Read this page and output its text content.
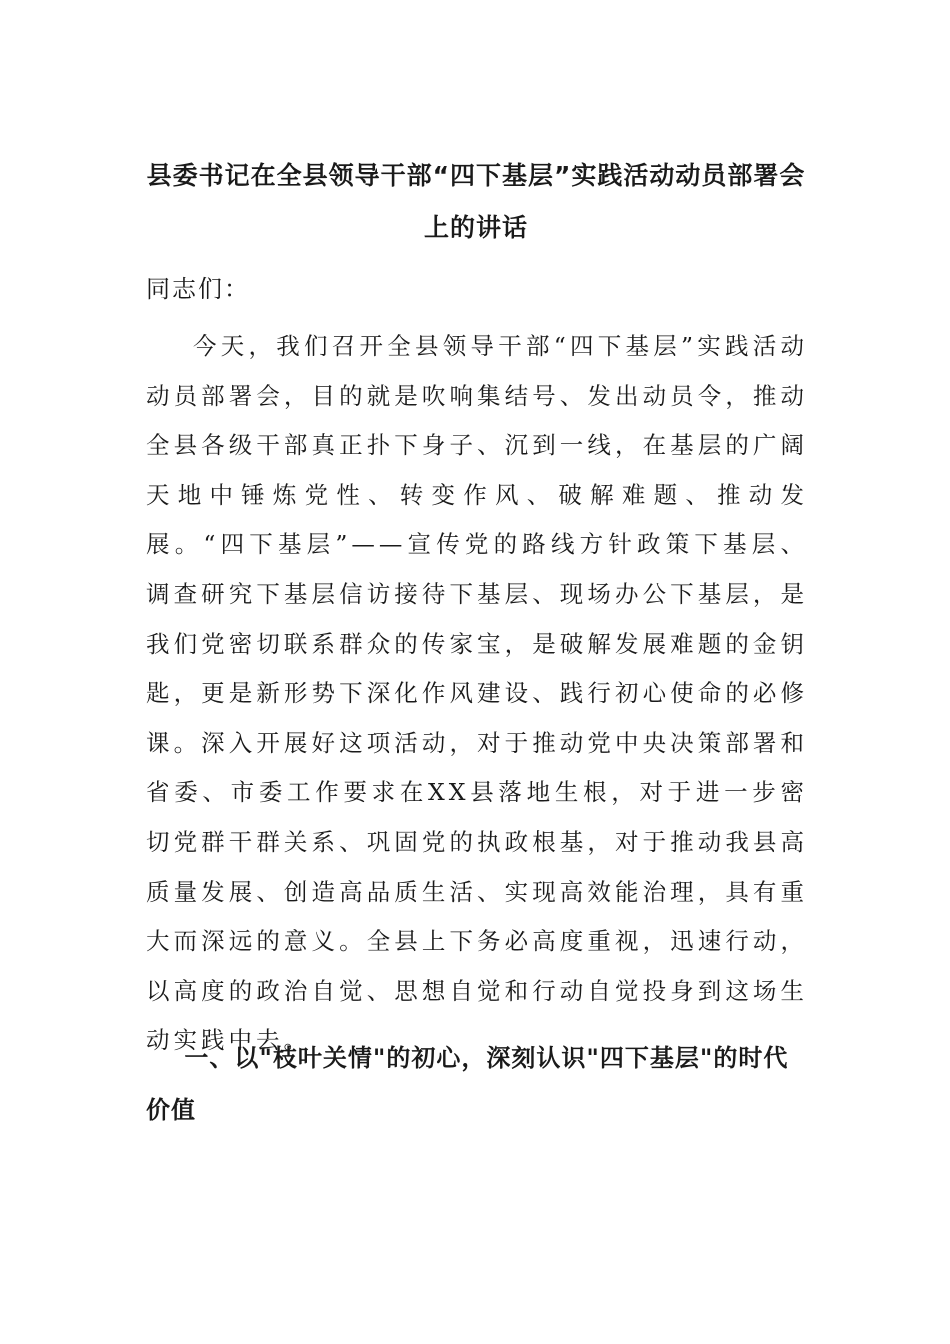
县委书记在全县领导干部“四下基层”实践活动动员部署会上的讲话

同志们：

今天，我们召开全县领导干部“四下基层”实践活动动员部署会，目的就是吹响集结号、发出动员令，推动全县各级干部真正扑下身子、沉到一线，在基层的广阔天地中锤炼党性、转变作风、破解难题、推动发展。“四下基层”——宣传党的路线方针政策下基层、调查研究下基层信访接待下基层、现场办公下基层，是我们党密切联系群众的传家宝，是破解发展难题的金钥匙，更是新形势下深化作风建设、践行初心使命的必修课。深入开展好这项活动，对于推动党中央决策部署和省委、市委工作要求在XX县落地生根，对于进一步密切党群干群关系、巩固党的执政根基，对于推动我县高质量发展、创造高品质生活、实现高效能治理，具有重大而深远的意义。全县上下务必高度重视，迅速行动，以高度的政治自觉、思想自觉和行动自觉投身到这场生动实践中去。

一、以"枝叶关情"的初心，深刻认识"四下基层"的时代价值
